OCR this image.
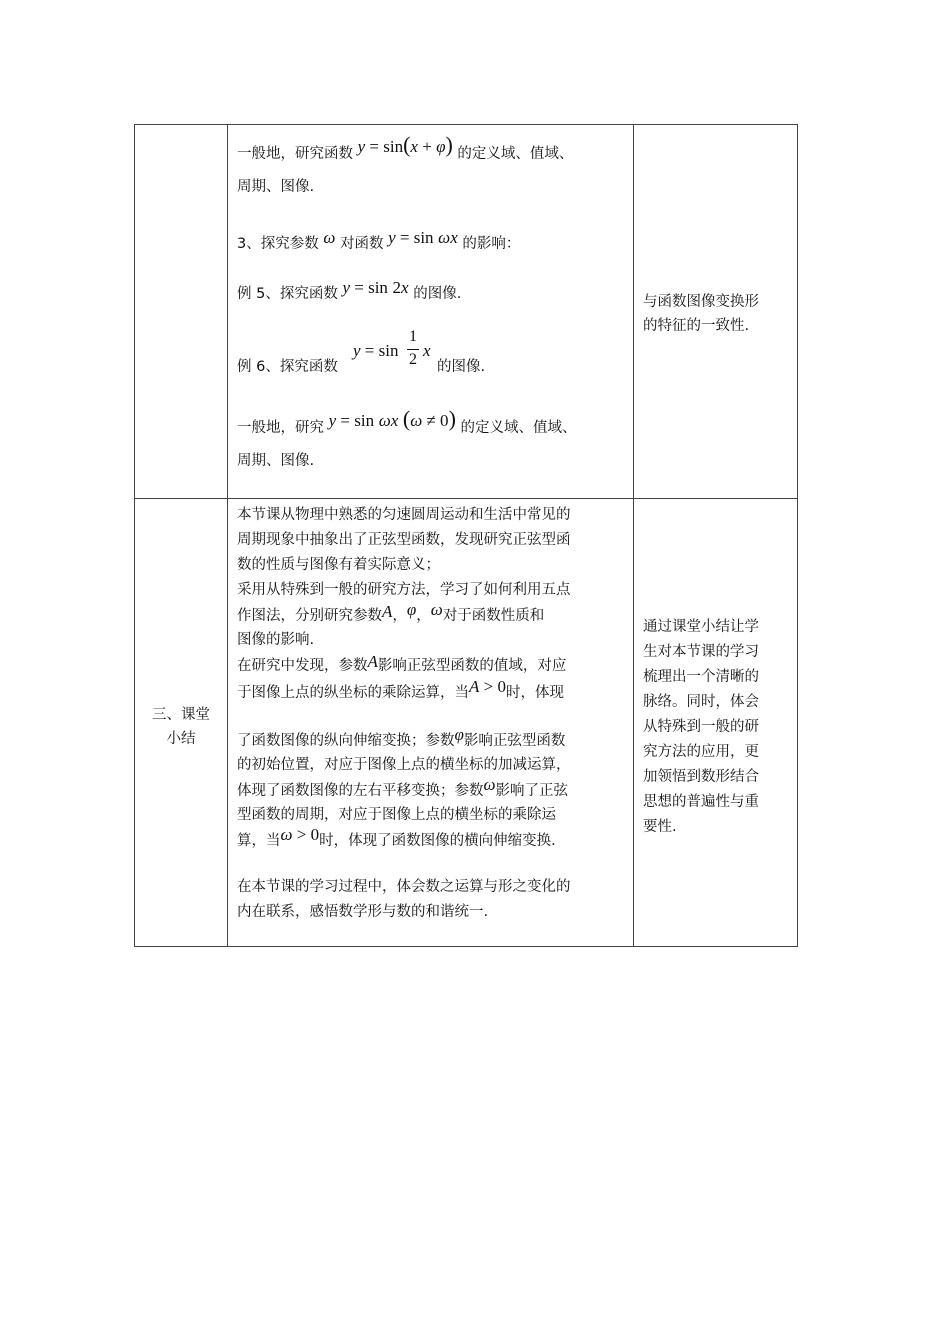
一般地，研究函数 y = sin(x + φ) 的定义域、值域、
周期、图像.
3、探究参数 ω 对函数 y = sin ωx 的影响：
例 5、探究函数 y = sin 2x 的图像.
例 6、探究函数
y = sin
1
2 x
的图像.
一般地，研究 y = sin ωx (ω ≠ 0) 的定义域、值域、
周期、图像.
与函数图像变换形
的特征的一致性.
三、课堂
小结
本节课从物理中熟悉的匀速圆周运动和生活中常见的
周期现象中抽象出了正弦型函数，发现研究正弦型函
数的性质与图像有着实际意义；
采用从特殊到一般的研究方法，学习了如何利用五点
作图法，分别研究参数A，φ，ω对于函数性质和
图像的影响.
在研究中发现，参数A影响正弦型函数的值域，对应
于图像上点的纵坐标的乘除运算，当A > 0时，体现
了函数图像的纵向伸缩变换；参数φ影响正弦型函数
的初始位置，对应于图像上点的横坐标的加减运算，
体现了函数图像的左右平移变换；参数ω影响了正弦
型函数的周期，对应于图像上点的横坐标的乘除运
算，当ω > 0时，体现了函数图像的横向伸缩变换.
在本节课的学习过程中，体会数之运算与形之变化的
内在联系，感悟数学形与数的和谐统一.
通过课堂小结让学
生对本节课的学习
梳理出一个清晰的
脉络。同时，体会
从特殊到一般的研
究方法的应用，更
加领悟到数形结合
思想的普遍性与重
要性.
